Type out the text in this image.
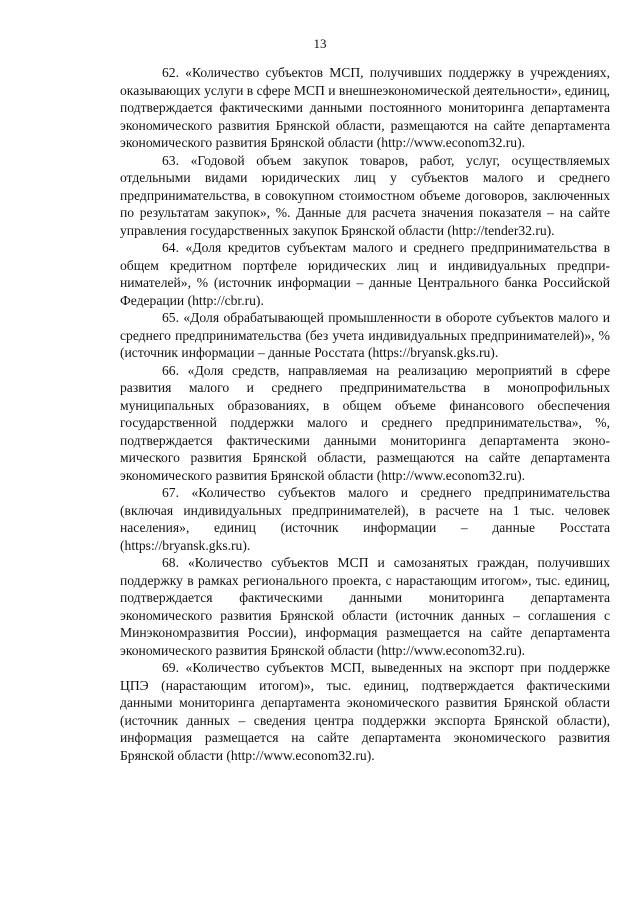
13

62. «Количество субъектов МСП, получивших поддержку в учреждениях, оказывающих услуги в сфере МСП и внешнеэкономической деятельности», единиц, подтверждается фактическими данными постоянного мониторинга департамента экономического развития Брянской области, размещаются на сайте департамента экономического развития Брянской области (http://www.econom32.ru).

63. «Годовой объем закупок товаров, работ, услуг, осуществляемых отдельными видами юридических лиц у субъектов малого и среднего предпринимательства, в совокупном стоимостном объеме договоров, заключенных по результатам закупок», %. Данные для расчета значения показателя – на сайте управления государственных закупок Брянской области (http://tender32.ru).

64. «Доля кредитов субъектам малого и среднего предпринимательства в общем кредитном портфеле юридических лиц и индивидуальных предпринимателей», % (источник информации – данные Центрального банка Российской Федерации (http://cbr.ru).

65. «Доля обрабатывающей промышленности в обороте субъектов малого и среднего предпринимательства (без учета индивидуальных предпринимателей)», % (источник информации – данные Росстата (https://bryansk.gks.ru).

66. «Доля средств, направляемая на реализацию мероприятий в сфере развития малого и среднего предпринимательства в монопрофильных муниципальных образованиях, в общем объеме финансового обеспечения государственной поддержки малого и среднего предпринимательства», %, подтверждается фактическими данными мониторинга департамента экономического развития Брянской области, размещаются на сайте департамента экономического развития Брянской области (http://www.econom32.ru).

67. «Количество субъектов малого и среднего предпринимательства (включая индивидуальных предпринимателей), в расчете на 1 тыс. человек населения», единиц (источник информации – данные Росстата (https://bryansk.gks.ru).

68. «Количество субъектов МСП и самозанятых граждан, получивших поддержку в рамках регионального проекта, с нарастающим итогом», тыс. единиц, подтверждается фактическими данными мониторинга департамента экономического развития Брянской области (источник данных – соглашения с Минэкономразвития России), информация размещается на сайте департамента экономического развития Брянской области (http://www.econom32.ru).

69. «Количество субъектов МСП, выведенных на экспорт при поддержке ЦПЭ (нарастающим итогом)», тыс. единиц, подтверждается фактическими данными мониторинга департамента экономического развития Брянской области (источник данных – сведения центра поддержки экспорта Брянской области), информация размещается на сайте департамента экономического развития Брянской области (http://www.econom32.ru).
